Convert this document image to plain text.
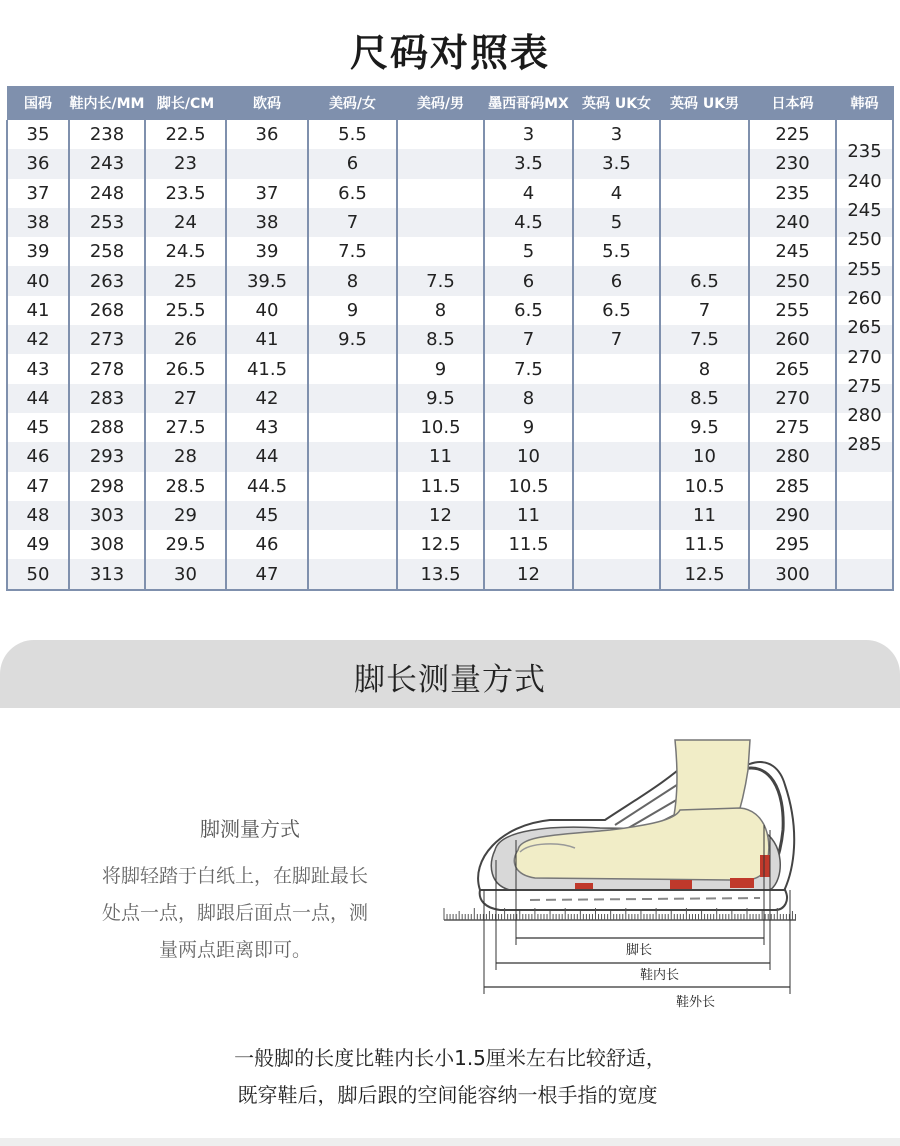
尺码对照表
国码	鞋内长/MM	脚长/CM	欧码	美码/女	美码/男	墨西哥码MX	英码 UK女	英码 UK男	日本码	韩码
35	238	22.5	36	5.5		3	3		225	
36	243	23		6		3.5	3.5		230	235
37	248	23.5	37	6.5		4	4		235	240
38	253	24	38	7		4.5	5		240	245
39	258	24.5	39	7.5		5	5.5		245	250
40	263	25	39.5	8	7.5	6	6	6.5	250	255
41	268	25.5	40	9	8	6.5	6.5	7	255	260
42	273	26	41	9.5	8.5	7	7	7.5	260	265
43	278	26.5	41.5		9	7.5		8	265	270
44	283	27	42		9.5	8		8.5	270	275
45	288	27.5	43		10.5	9		9.5	275	280
46	293	28	44		11	10		10	280	285
47	298	28.5	44.5		11.5	10.5		10.5	285	
48	303	29	45		12	11		11	290	
49	308	29.5	46		12.5	11.5		11.5	295	
50	313	30	47		13.5	12		12.5	300	
脚长测量方式
脚测量方式
将脚轻踏于白纸上，在脚趾最长
处点一点，脚跟后面点一点，测
量两点距离即可。	脚长
鞋内长
鞋外长
一般脚的长度比鞋内长小1.5厘米左右比较舒适，
既穿鞋后，脚后跟的空间能容纳一根手指的宽度
